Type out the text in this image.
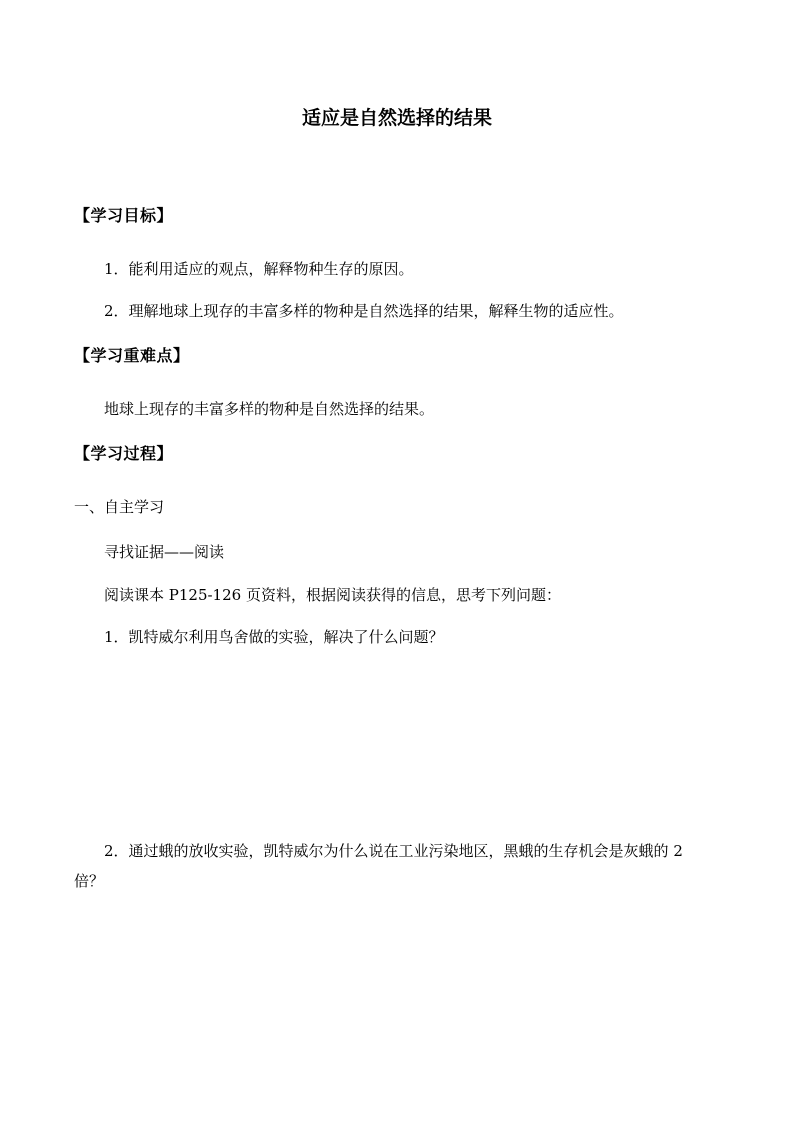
适应是自然选择的结果
【学习目标】
1．能利用适应的观点，解释物种生存的原因。
2．理解地球上现存的丰富多样的物种是自然选择的结果，解释生物的适应性。
【学习重难点】
地球上现存的丰富多样的物种是自然选择的结果。
【学习过程】
一、自主学习
寻找证据——阅读
阅读课本 P125-126 页资料，根据阅读获得的信息，思考下列问题：
1．凯特威尔利用鸟舍做的实验，解决了什么问题？
2．通过蛾的放收实验，凯特威尔为什么说在工业污染地区，黑蛾的生存机会是灰蛾的 2
倍？
